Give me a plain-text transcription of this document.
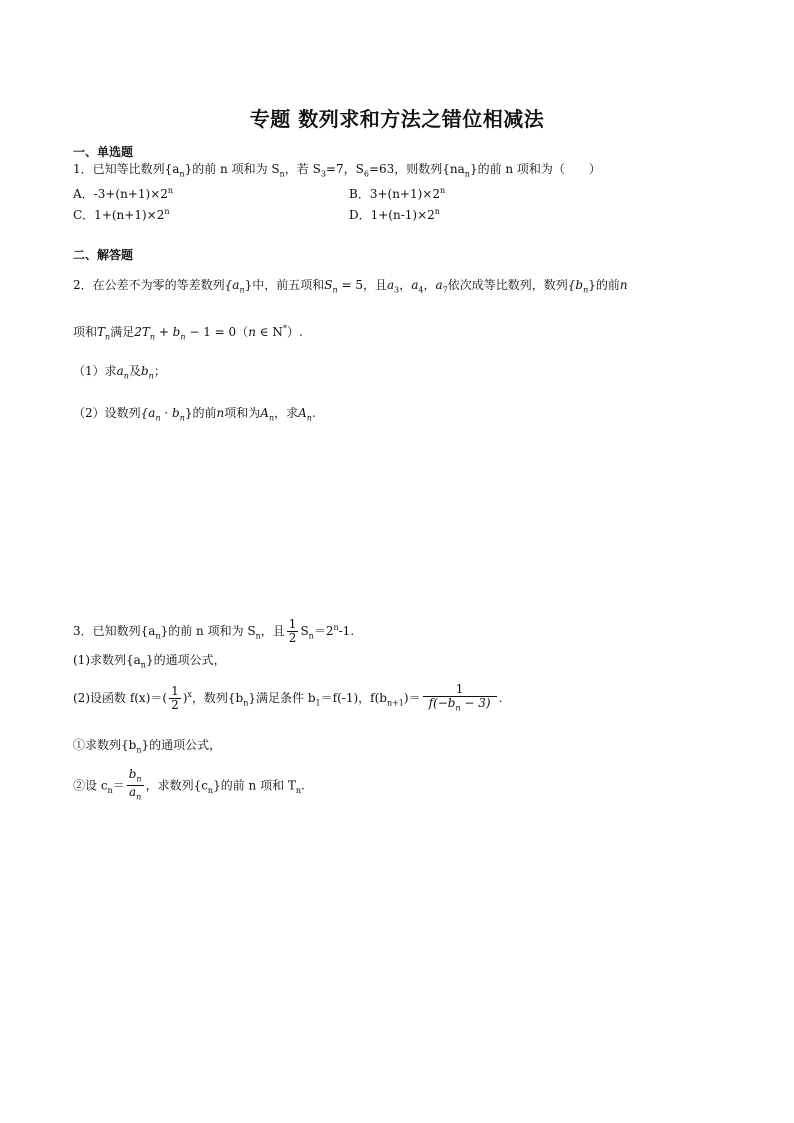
专题 数列求和方法之错位相减法
一、单选题
1．已知等比数列$\{a_n\}$的前 n 项和为 $S_n$，若 $S_3=7$，$S_6=63$，则数列$\{na_n\}$的前 n 项和为（　　）
A．$-3+(n+1)\times 2^n$	B．$3+(n+1)\times 2^n$
C．$1+(n+1)\times 2^n$	D．$1+(n-1)\times 2^n$
二、解答题
2．在公差不为零的等差数列$\{a_n\}$中，前五项和$S_n = 5$，且$a_3$，$a_4$，$a_7$依次成等比数列，数列$\{b_n\}$的前n
项和$T_n$满足$2T_n + b_n - 1 = 0(n$ ∈ N*）.
（1）求$a_n$及$b_n$；
（2）设数列$\{a_n \cdot b_n\}$的前n项和为$A_n$，求$A_n$.
3．已知数列$\{a_n\}$的前 n 项和为 $S_n$，且 $\frac{1}{2} S_n=2^n-1$.
(1)求数列$\{a_n\}$的通项公式，
(2)设函数 $f(x)=( \frac{1}{2} )^x$，数列$\{b_n\}$满足条件 $b_1=f(-1)$，$f(b_{n+1})= \frac{1}{f(-b_n - 3)}$ .
①求数列$\{b_n\}$的通项公式，
②设 $c_n= \frac{b_n}{a_n}$ ，求数列$\{c_n\}$的前 n 项和 $T_n$.
